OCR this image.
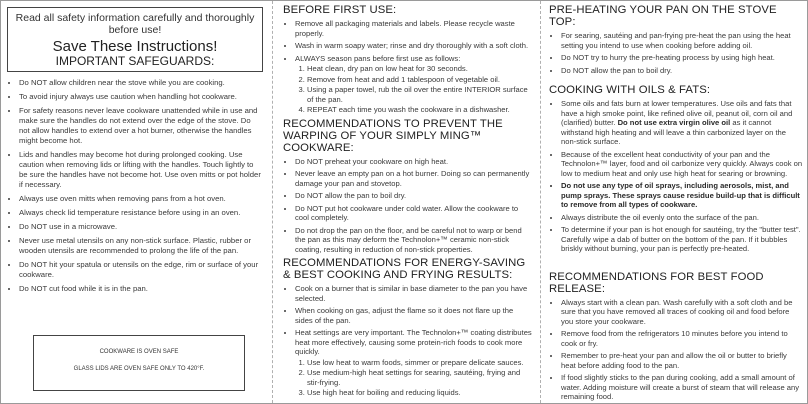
Read all safety information carefully and thoroughly before use!
Save These Instructions!
IMPORTANT SAFEGUARDS:
• Do NOT allow children near the stove while you are cooking.
• To avoid injury always use caution when handling hot cookware.
• For safety reasons never leave cookware unattended while in use and make sure the handles do not extend over the edge of the stove. Do not allow handles to extend over a hot burner, otherwise the handles might become hot.
• Lids and handles may become hot during prolonged cooking. Use caution when removing lids or lifting with the handles. Touch lightly to be sure the handles have not become hot. Use oven mitts or pot holder if necessary.
• Always use oven mitts when removing pans from a hot oven.
• Always check lid temperature resistance before using in an oven.
• Do NOT use in a microwave.
• Never use metal utensils on any non-stick surface. Plastic, rubber or wooden utensils are recommended to prolong the life of the pan.
• Do NOT hit your spatula or utensils on the edge, rim or surface of your cookware.
• Do NOT cut food while it is in the pan.
COOKWARE IS OVEN SAFE
GLASS LIDS ARE OVEN SAFE ONLY TO 420°F.
BEFORE FIRST USE:
• Remove all packaging materials and labels. Please recycle waste properly.
• Wash in warm soapy water; rinse and dry thoroughly with a soft cloth.
• ALWAYS season pans before first use as follows:
1. Heat clean, dry pan on low heat for 30 seconds.
2. Remove from heat and add 1 tablespoon of vegetable oil.
3. Using a paper towel, rub the oil over the entire INTERIOR surface of the pan.
4. REPEAT each time you wash the cookware in a dishwasher.
RECOMMENDATIONS TO PREVENT THE WARPING OF YOUR SIMPLY MING™ COOKWARE:
• Do NOT preheat your cookware on high heat.
• Never leave an empty pan on a hot burner. Doing so can permanently damage your pan and stovetop.
• Do NOT allow the pan to boil dry.
• Do NOT put hot cookware under cold water. Allow the cookware to cool completely.
• Do not drop the pan on the floor, and be careful not to warp or bend the pan as this may deform the Technolon+™ ceramic non-stick coating, resulting in reduction of non-stick properties.
RECOMMENDATIONS FOR ENERGY-SAVING & BEST COOKING AND FRYING RESULTS:
• Cook on a burner that is similar in base diameter to the pan you have selected.
• When cooking on gas, adjust the flame so it does not flare up the sides of the pan.
• Heat settings are very important. The Technolon+™ coating distributes heat more effectively, causing some protein-rich foods to cook more quickly.
1. Use low heat to warm foods, simmer or prepare delicate sauces.
2. Use medium-high heat settings for searing, sautéing, frying and stir-frying.
3. Use high heat for boiling and reducing liquids.
PRE-HEATING YOUR PAN ON THE STOVE TOP:
• For searing, sautéing and pan-frying pre-heat the pan using the heat setting you intend to use when cooking before adding oil.
• Do NOT try to hurry the pre-heating process by using high heat.
• Do NOT allow the pan to boil dry.
COOKING WITH OILS & FATS:
• Some oils and fats burn at lower temperatures. Use oils and fats that have a high smoke point, like refined olive oil, peanut oil, corn oil and (clarified) butter. Do not use extra virgin olive oil as it cannot withstand high heating and will leave a thin carbonized layer on the non-stick surface.
• Because of the excellent heat conductivity of your pan and the Technolon+™ layer, food and oil carbonize very quickly. Always cook on low to medium heat and only use high heat for searing or browning.
• Do not use any type of oil sprays, including aerosols, mist, and pump sprays. These sprays cause residue build-up that is difficult to remove from all types of cookware.
• Always distribute the oil evenly onto the surface of the pan.
• To determine if your pan is hot enough for sautéing, try the "butter test". Carefully wipe a dab of butter on the bottom of the pan. If it bubbles briskly without burning, your pan is perfectly pre-heated.
RECOMMENDATIONS FOR BEST FOOD RELEASE:
• Always start with a clean pan. Wash carefully with a soft cloth and be sure that you have removed all traces of cooking oil and food before you store your cookware.
• Remove food from the refrigerators 10 minutes before you intend to cook or fry.
• Remember to pre-heat your pan and allow the oil or butter to briefly heat before adding food to the pan.
• If food slightly sticks to the pan during cooking, add a small amount of water. Adding moisture will create a burst of steam that will release any remaining food.
